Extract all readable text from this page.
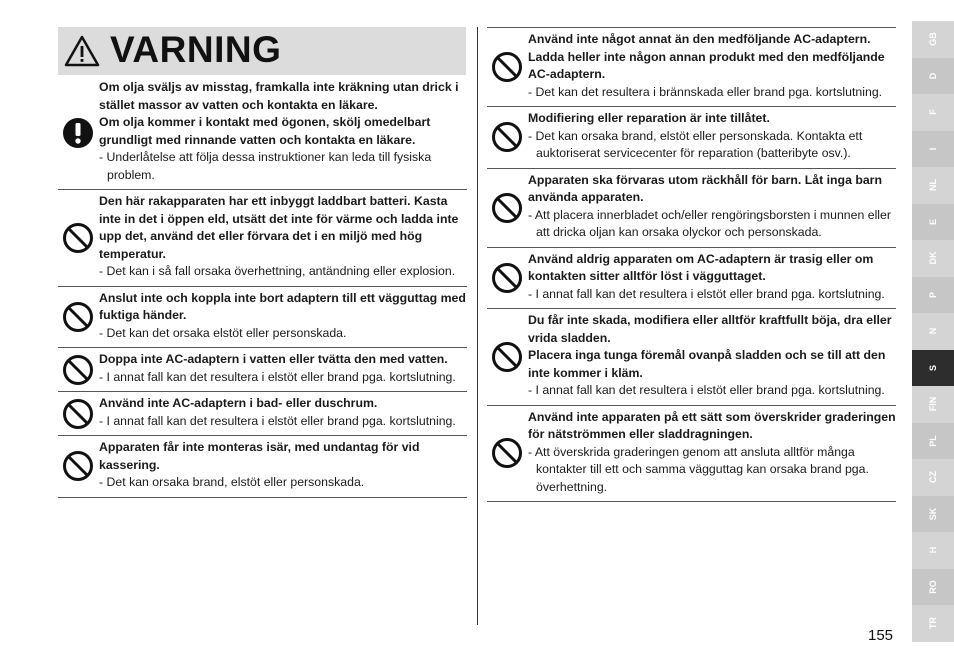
VARNING
Om olja sväljs av misstag, framkalla inte kräkning utan drick i stället massor av vatten och kontakta en läkare.
Om olja kommer i kontakt med ögonen, skölj omedelbart grundligt med rinnande vatten och kontakta en läkare.
- Underlåtelse att följa dessa instruktioner kan leda till fysiska problem.
Den här rakapparaten har ett inbyggt laddbart batteri. Kasta inte in det i öppen eld, utsätt det inte för värme och ladda inte upp det, använd det eller förvara det i en miljö med hög temperatur.
- Det kan i så fall orsaka överhettning, antändning eller explosion.
Anslut inte och koppla inte bort adaptern till ett vägguttag med fuktiga händer.
- Det kan det orsaka elstöt eller personskada.
Doppa inte AC-adaptern i vatten eller tvätta den med vatten.
- I annat fall kan det resultera i elstöt eller brand pga. kortslutning.
Använd inte AC-adaptern i bad- eller duschrum.
- I annat fall kan det resultera i elstöt eller brand pga. kortslutning.
Apparaten får inte monteras isär, med undantag för vid kassering.
- Det kan orsaka brand, elstöt eller personskada.
Använd inte något annat än den medföljande AC-adaptern. Ladda heller inte någon annan produkt med den medföljande AC-adaptern.
- Det kan det resultera i brännskada eller brand pga. kortslutning.
Modifiering eller reparation är inte tillåtet.
- Det kan orsaka brand, elstöt eller personskada. Kontakta ett auktoriserat servicecenter för reparation (batteribyte osv.).
Apparaten ska förvaras utom räckhåll för barn. Låt inga barn använda apparaten.
- Att placera innerbladet och/eller rengöringsborsten i munnen eller att dricka oljan kan orsaka olyckor och personskada.
Använd aldrig apparaten om AC-adaptern är trasig eller om kontakten sitter alltför löst i vägguttaget.
- I annat fall kan det resultera i elstöt eller brand pga. kortslutning.
Du får inte skada, modifiera eller alltför kraftfullt böja, dra eller vrida sladden.
Placera inga tunga föremål ovanpå sladden och se till att den inte kommer i kläm.
- I annat fall kan det resultera i elstöt eller brand pga. kortslutning.
Använd inte apparaten på ett sätt som överskrider graderingen för nätströmmen eller sladdragningen.
- Att överskrida graderingen genom att ansluta alltför många kontakter till ett och samma vägguttag kan orsaka brand pga. överhettning.
GB
D
F
I
NL
E
DK
P
N
S
FIN
PL
CZ
SK
H
RO
TR
155
